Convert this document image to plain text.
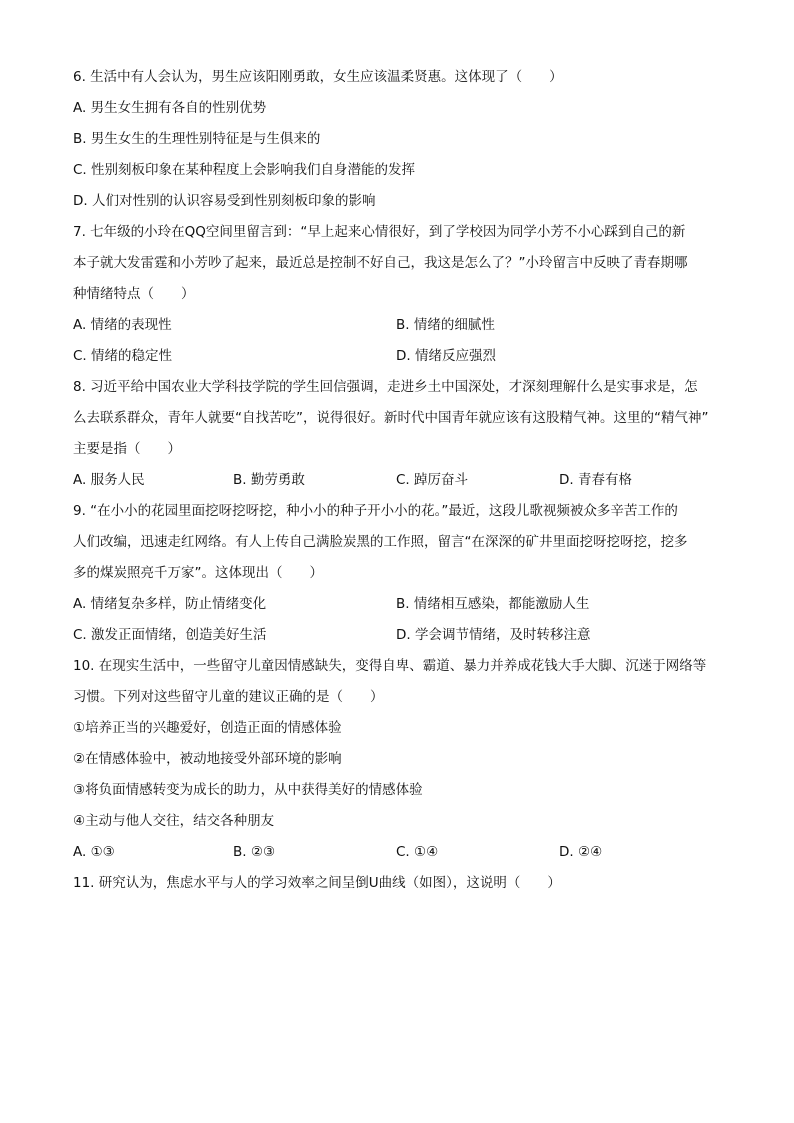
6. 生活中有人会认为，男生应该阳刚勇敢，女生应该温柔贤惠。这体现了（　　）
A. 男生女生拥有各自的性别优势
B. 男生女生的生理性别特征是与生俱来的
C. 性别刻板印象在某种程度上会影响我们自身潜能的发挥
D. 人们对性别的认识容易受到性别刻板印象的影响
7. 七年级的小玲在QQ空间里留言到：“早上起来心情很好，到了学校因为同学小芳不小心踩到自己的新
本子就大发雷霆和小芳吵了起来，最近总是控制不好自己，我这是怎么了？”小玲留言中反映了青春期哪
种情绪特点（　　）
A. 情绪的表现性	B. 情绪的细腻性
C. 情绪的稳定性	D. 情绪反应强烈
8. 习近平给中国农业大学科技学院的学生回信强调，走进乡土中国深处，才深刻理解什么是实事求是，怎
么去联系群众，青年人就要“自找苦吃”，说得很好。新时代中国青年就应该有这股精气神。这里的“精气神”
主要是指（　　）
A. 服务人民	B. 勤劳勇敢	C. 踔厉奋斗	D. 青春有格
9. “在小小的花园里面挖呀挖呀挖，种小小的种子开小小的花。”最近，这段儿歌视频被众多辛苦工作的
人们改编，迅速走红网络。有人上传自己满脸炭黑的工作照，留言“在深深的矿井里面挖呀挖呀挖，挖多
多的煤炭照亮千万家”。这体现出（　　）
A. 情绪复杂多样，防止情绪变化	B. 情绪相互感染，都能激励人生
C. 激发正面情绪，创造美好生活	D. 学会调节情绪，及时转移注意
10. 在现实生活中，一些留守儿童因情感缺失，变得自卑、霸道、暴力并养成花钱大手大脚、沉迷于网络等
习惯。下列对这些留守儿童的建议正确的是（　　）
①培养正当的兴趣爱好，创造正面的情感体验
②在情感体验中，被动地接受外部环境的影响
③将负面情感转变为成长的助力，从中获得美好的情感体验
④主动与他人交往，结交各种朋友
A. ①③	B. ②③	C. ①④	D. ②④
11. 研究认为，焦虑水平与人的学习效率之间呈倒U曲线（如图），这说明（　　）
